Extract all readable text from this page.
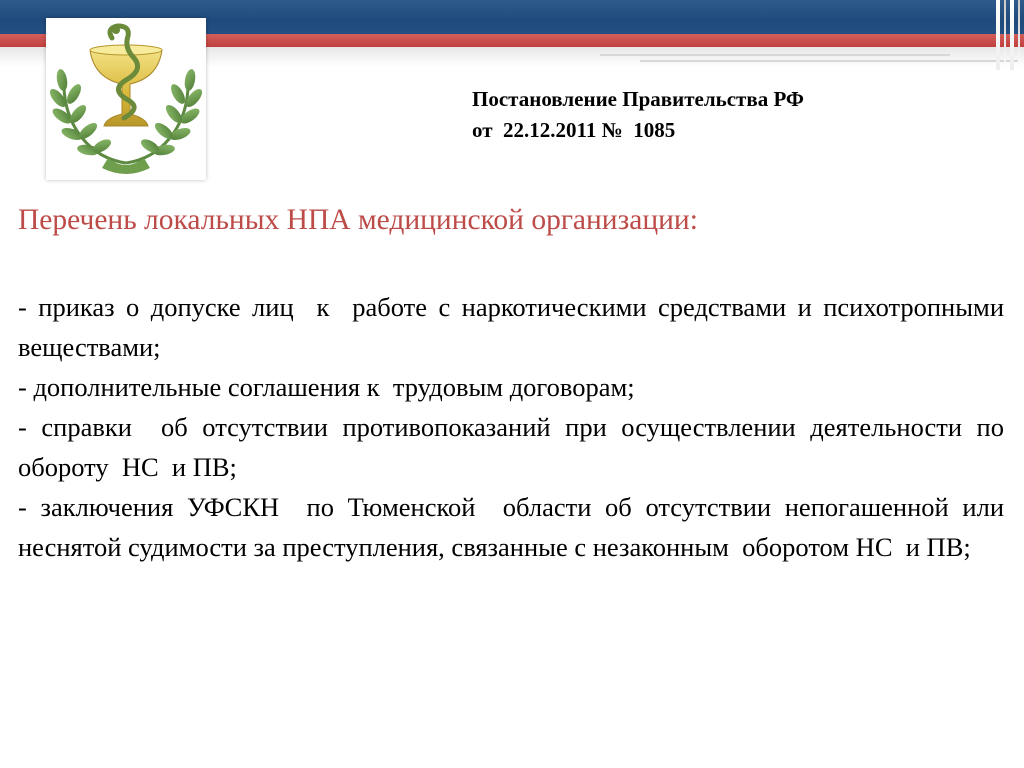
Постановление Правительства РФ
от  22.12.2011 №  1085
Перечень локальных НПА медицинской организации:

- приказ о допуске лиц  к  работе с наркотическими средствами и психотропными веществами;

- дополнительные соглашения к  трудовым договорам;

- справки  об отсутствии противопоказаний при осуществлении деятельности по  обороту  НС  и ПВ;

- заключения УФСКН  по Тюменской  области об отсутствии непогашенной или неснятой судимости за преступления, связанные с незаконным  оборотом НС  и ПВ;
